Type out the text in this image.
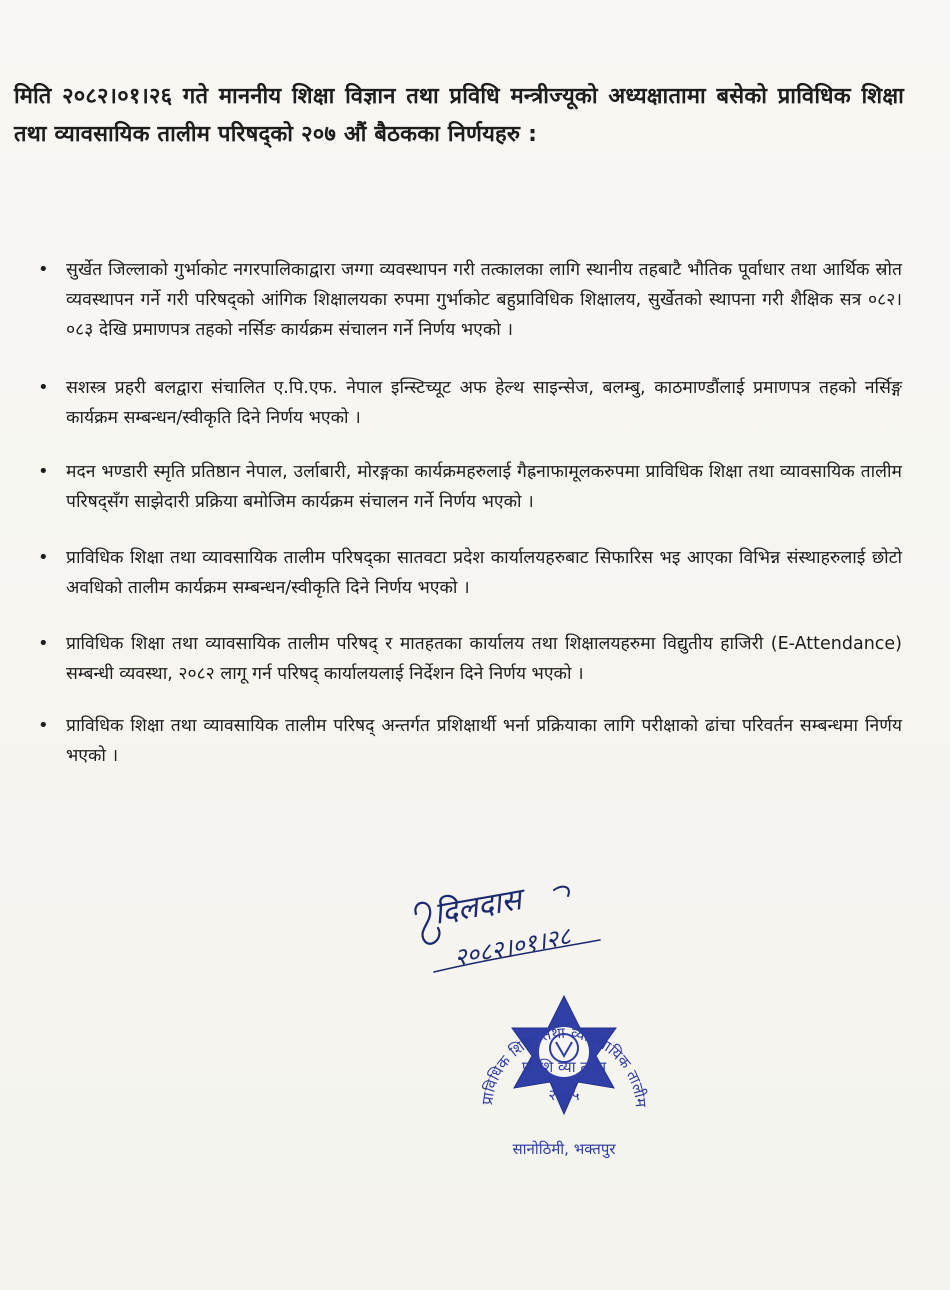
मिति २०८२।०१।२६ गते माननीय शिक्षा विज्ञान तथा प्रविधि मन्त्रीज्यूको अध्यक्षातामा बसेको प्राविधिक शिक्षा तथा व्यावसायिक तालीम परिषद्को २०७ औं बैठकका निर्णयहरु :
• सुर्खेत जिल्लाको गुर्भाकोट नगरपालिकाद्वारा जग्गा व्यवस्थापन गरी तत्कालका लागि स्थानीय तहबाटै भौतिक पूर्वाधार तथा आर्थिक स्रोत व्यवस्थापन गर्ने गरी परिषद्को आंगिक शिक्षालयका रुपमा गुर्भाकोट बहुप्राविधिक शिक्षालय, सुर्खेतको स्थापना गरी शैक्षिक सत्र ०८२।०८३ देखि प्रमाणपत्र तहको नर्सिङ कार्यक्रम संचालन गर्ने निर्णय भएको ।
• सशस्त्र प्रहरी बलद्वारा संचालित ए.पि.एफ. नेपाल इन्स्टिच्यूट अफ हेल्थ साइन्सेज, बलम्बु, काठमाण्डौंलाई प्रमाणपत्र तहको नर्सिङ्ग कार्यक्रम सम्बन्धन/स्वीकृति दिने निर्णय भएको ।
• मदन भण्डारी स्मृति प्रतिष्ठान नेपाल, उर्लाबारी, मोरङ्गका कार्यक्रमहरुलाई गैह्रनाफामूलकरुपमा प्राविधिक शिक्षा तथा व्यावसायिक तालीम परिषद्सँग साझेदारी प्रक्रिया बमोजिम कार्यक्रम संचालन गर्ने निर्णय भएको ।
• प्राविधिक शिक्षा तथा व्यावसायिक तालीम परिषद्का सातवटा प्रदेश कार्यालयहरुबाट सिफारिस भइ आएका विभिन्न संस्थाहरुलाई छोटो अवधिको तालीम कार्यक्रम सम्बन्धन/स्वीकृति दिने निर्णय भएको ।
• प्राविधिक शिक्षा तथा व्यावसायिक तालीम परिषद् र मातहतका कार्यालय तथा शिक्षालयहरुमा विद्युतीय हाजिरी (E-Attendance) सम्बन्धी व्यवस्था, २०८२ लागू गर्न परिषद् कार्यालयलाई निर्देशन दिने निर्णय भएको ।
• प्राविधिक शिक्षा तथा व्यावसायिक तालीम परिषद् अन्तर्गत प्रशिक्षार्थी भर्ना प्रक्रियाका लागि परीक्षाको ढांचा परिवर्तन सम्बन्धमा निर्णय भएको ।
दिलदास
२०८२।०१।२८
प्रा शि व्या ता प
२०४५
प्राविधिक शिक्षा तथा व्यावसायिक तालीम परिषद्
सानोठिमी, भक्तपुर
